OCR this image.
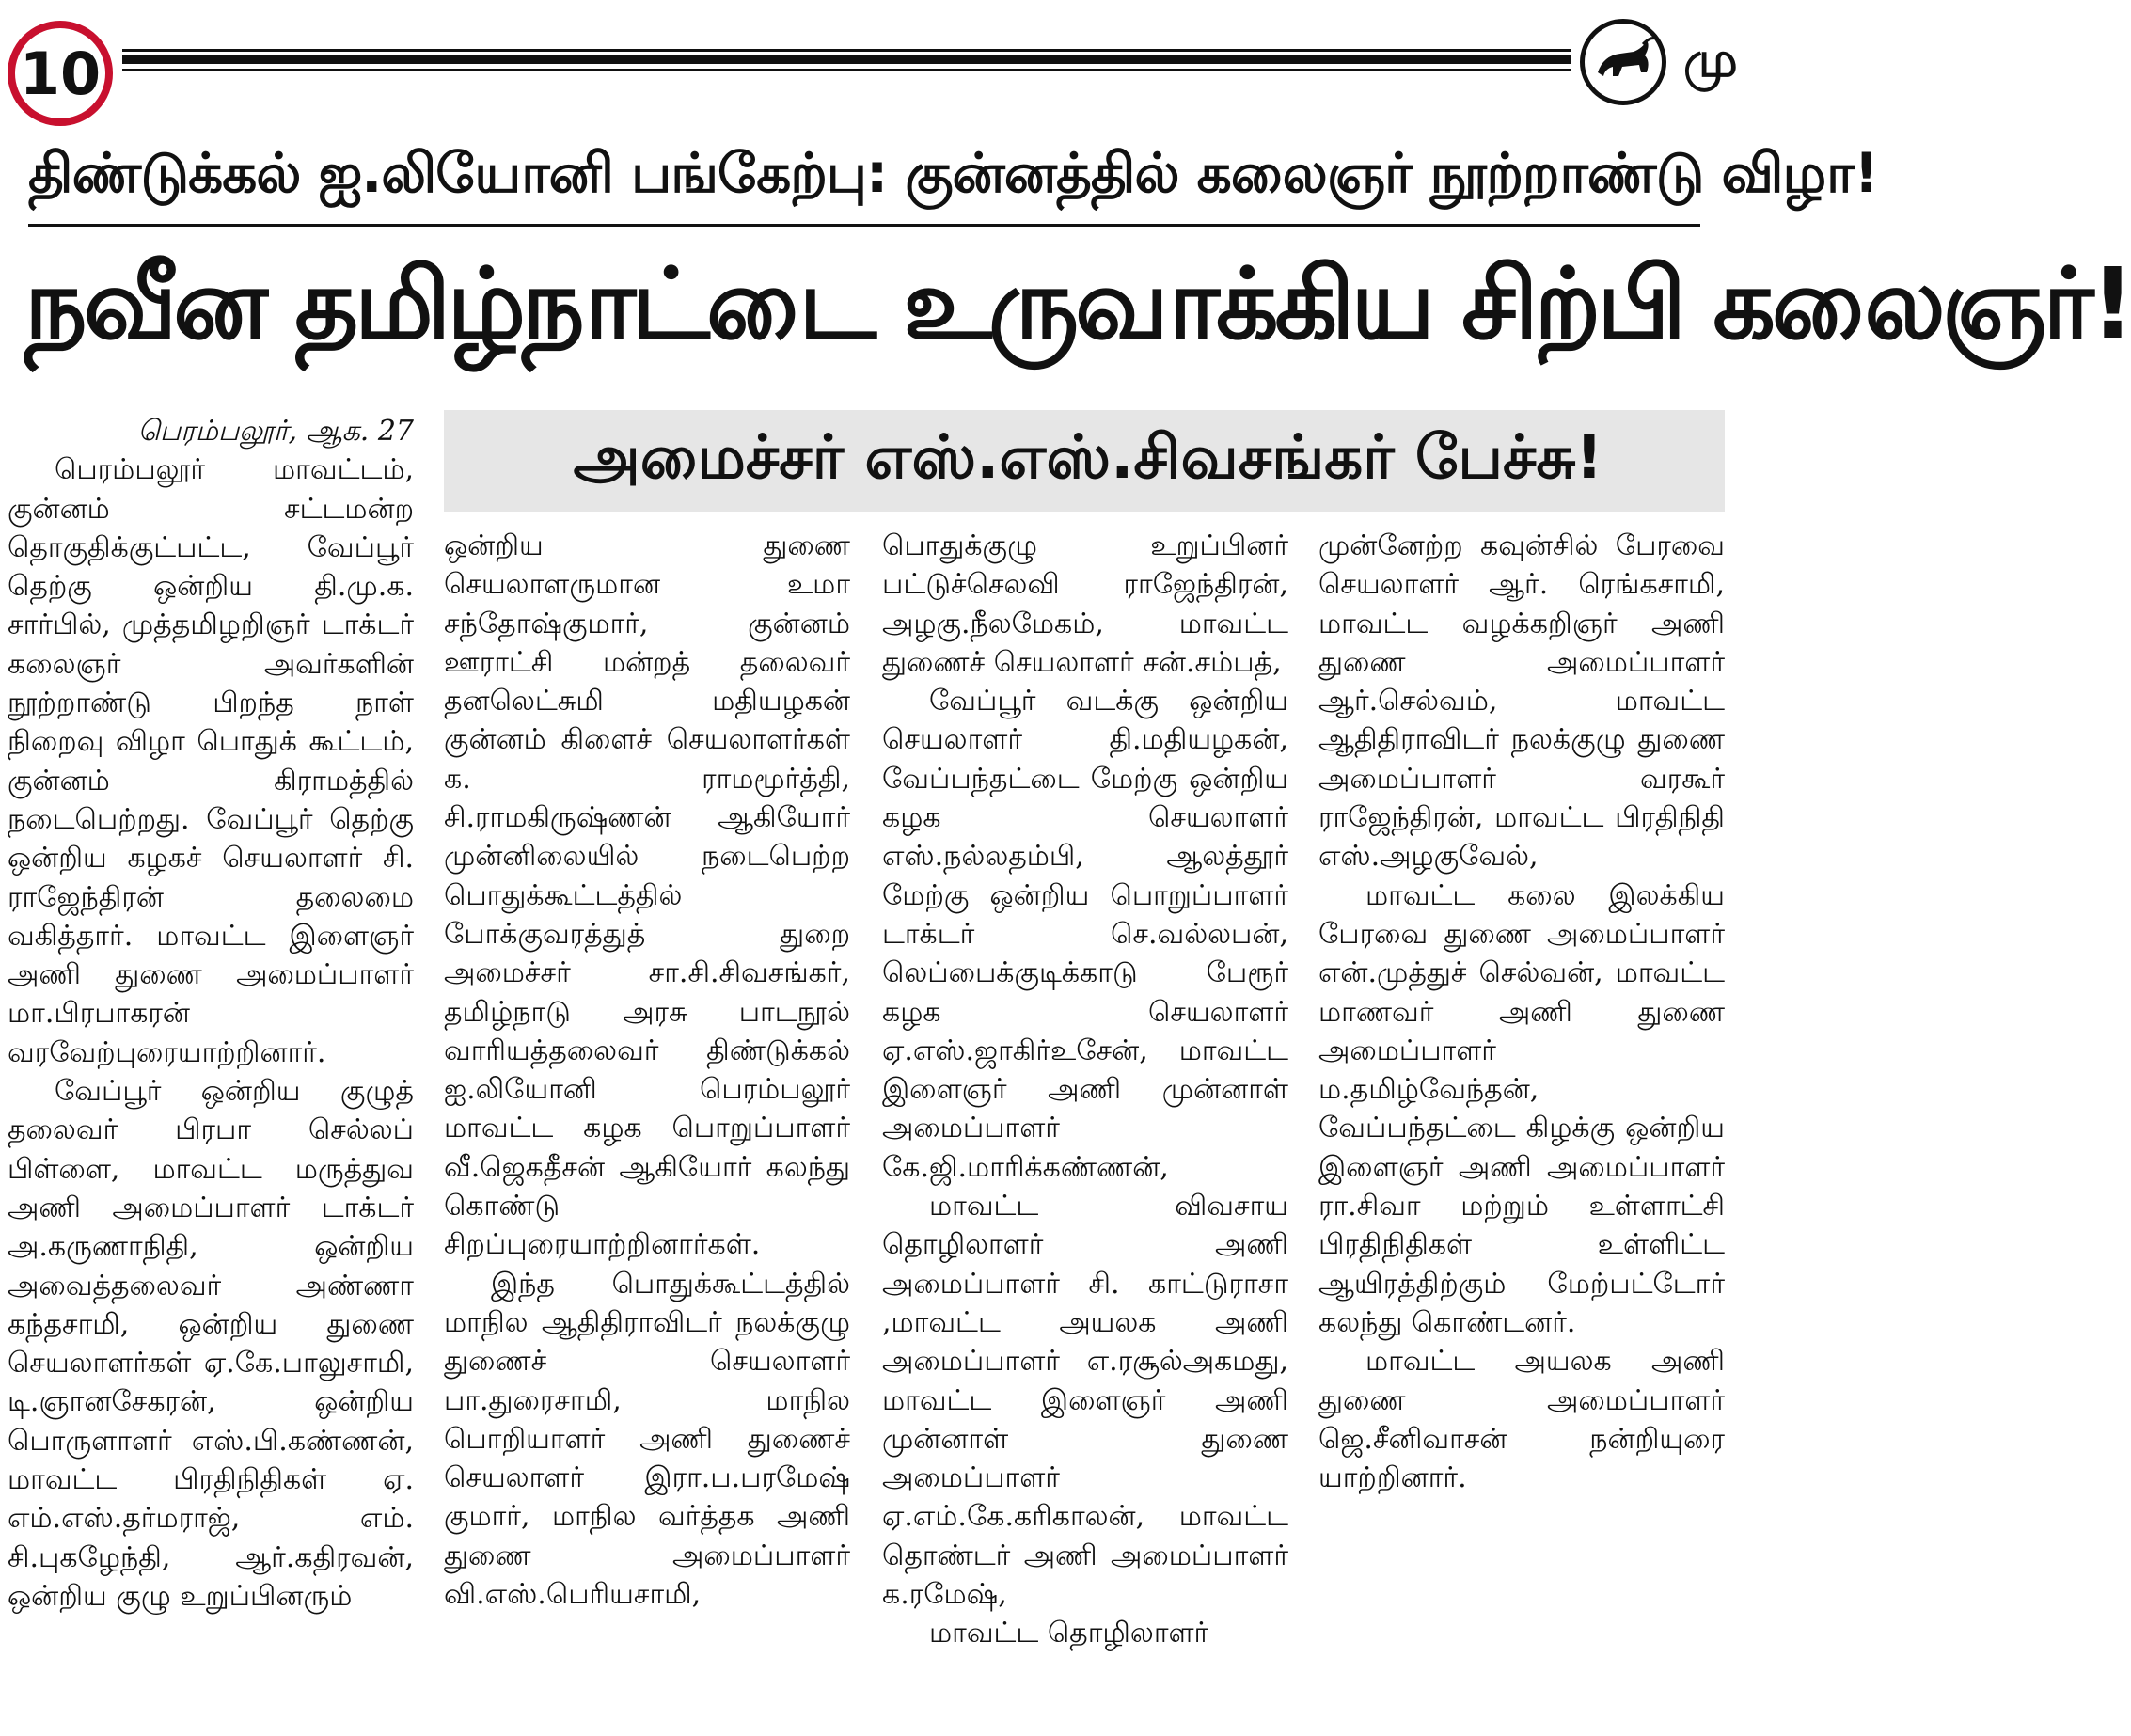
10	மு
திண்டுக்கல் ஐ.லியோனி பங்கேற்பு: குன்னத்தில் கலைஞர் நூற்றாண்டு விழா!
நவீன தமிழ்நாட்டை உருவாக்கிய சிற்பி கலைஞர்!
அமைச்சர் எஸ்.எஸ்.சிவசங்கர் பேச்சு!

பெரம்பலூர், ஆக. 27

பெரம்பலூர் மாவட்டம், குன்னம் சட்டமன்ற தொகுதிக்குட்பட்ட, வேப்பூர் தெற்கு ஒன்றிய தி.மு.க. சார்பில், முத்தமிழறிஞர் டாக்டர் கலைஞர் அவர்களின் நூற்றாண்டு பிறந்த நாள் நிறைவு விழா பொதுக் கூட்டம், குன்னம் கிராமத்தில் நடைபெற்றது. வேப்பூர் தெற்கு ஒன்றிய கழகச் செயலாளர் சி. ராஜேந்திரன் தலைமை வகித்தார். மாவட்ட இளைஞர் அணி துணை அமைப்பாளர் மா.பிரபாகரன் வரவேற்புரையாற்றினார்.

வேப்பூர் ஒன்றிய குழுத் தலைவர் பிரபா செல்லப் பிள்ளை, மாவட்ட மருத்துவ அணி அமைப்பாளர் டாக்டர் அ.கருணாநிதி, ஒன்றிய அவைத்தலைவர் அண்ணா கந்தசாமி, ஒன்றிய துணை செயலாளர்கள் ஏ.கே.பாலுசாமி, டி.ஞானசேகரன், ஒன்றிய பொருளாளர் எஸ்.பி.கண்ணன், மாவட்ட பிரதிநிதிகள் ஏ. எம்.எஸ்.தர்மராஜ், எம். சி.புகழேந்தி, ஆர்.கதிரவன், ஒன்றிய குழு உறுப்பினரும்

ஒன்றிய துணை செயலாளருமான உமா சந்தோஷ்குமார், குன்னம் ஊராட்சி மன்றத் தலைவர் தனலெட்சுமி மதியழகன் குன்னம் கிளைச் செயலாளர்கள் க. ராமமூர்த்தி, சி.ராமகிருஷ்ணன் ஆகியோர் முன்னிலையில் நடைபெற்ற பொதுக்கூட்டத்தில் போக்குவரத்துத் துறை அமைச்சர் சா.சி.சிவசங்கர், தமிழ்நாடு அரசு பாடநூல் வாரியத்தலைவர் திண்டுக்கல் ஐ.லியோனி பெரம்பலூர் மாவட்ட கழக பொறுப்பாளர் வீ.ஜெகதீசன் ஆகியோர் கலந்து கொண்டு சிறப்புரையாற்றினார்கள்.

இந்த பொதுக்கூட்டத்தில் மாநில ஆதிதிராவிடர் நலக்குழு துணைச் செயலாளர் பா.துரைசாமி, மாநில பொறியாளர் அணி துணைச் செயலாளர் இரா.ப.பரமேஷ் குமார், மாநில வர்த்தக அணி துணை அமைப்பாளர் வி.எஸ்.பெரியசாமி,

பொதுக்குழு உறுப்பினர் பட்டுச்செலவி ராஜேந்திரன், அழகு.நீலமேகம், மாவட்ட துணைச் செயலாளர் சன்.சம்பத்,

வேப்பூர் வடக்கு ஒன்றிய செயலாளர் தி.மதியழகன், வேப்பந்தட்டை மேற்கு ஒன்றிய கழக செயலாளர் எஸ்.நல்லதம்பி, ஆலத்தூர் மேற்கு ஒன்றிய பொறுப்பாளர் டாக்டர் செ.வல்லபன், லெப்பைக்குடிக்காடு பேரூர் கழக செயலாளர் ஏ.எஸ்.ஜாகிர்உசேன், மாவட்ட இளைஞர் அணி முன்னாள் அமைப்பாளர் கே.ஜி.மாரிக்கண்ணன்,

மாவட்ட விவசாய தொழிலாளர் அணி அமைப்பாளர் சி. காட்டுராசா ,மாவட்ட அயலக அணி அமைப்பாளர் எ.ரசூல்அகமது, மாவட்ட இளைஞர் அணி முன்னாள் துணை அமைப்பாளர் ஏ.எம்.கே.கரிகாலன், மாவட்ட தொண்டர் அணி அமைப்பாளர் க.ரமேஷ்,

மாவட்ட தொழிலாளர்

முன்னேற்ற கவுன்சில் பேரவை செயலாளர் ஆர். ரெங்கசாமி, மாவட்ட வழக்கறிஞர் அணி துணை அமைப்பாளர் ஆர்.செல்வம், மாவட்ட ஆதிதிராவிடர் நலக்குழு துணை அமைப்பாளர் வரகூர் ராஜேந்திரன், மாவட்ட பிரதிநிதி எஸ்.அழகுவேல்,

மாவட்ட கலை இலக்கிய பேரவை துணை அமைப்பாளர் என்.முத்துச் செல்வன், மாவட்ட மாணவர் அணி துணை அமைப்பாளர் ம.தமிழ்வேந்தன், வேப்பந்தட்டை கிழக்கு ஒன்றிய இளைஞர் அணி அமைப்பாளர் ரா.சிவா மற்றும் உள்ளாட்சி பிரதிநிதிகள் உள்ளிட்ட ஆயிரத்திற்கும் மேற்பட்டோர் கலந்து கொண்டனர்.

மாவட்ட அயலக அணி துணை அமைப்பாளர் ஜெ.சீனிவாசன் நன்றியுரை யாற்றினார்.
